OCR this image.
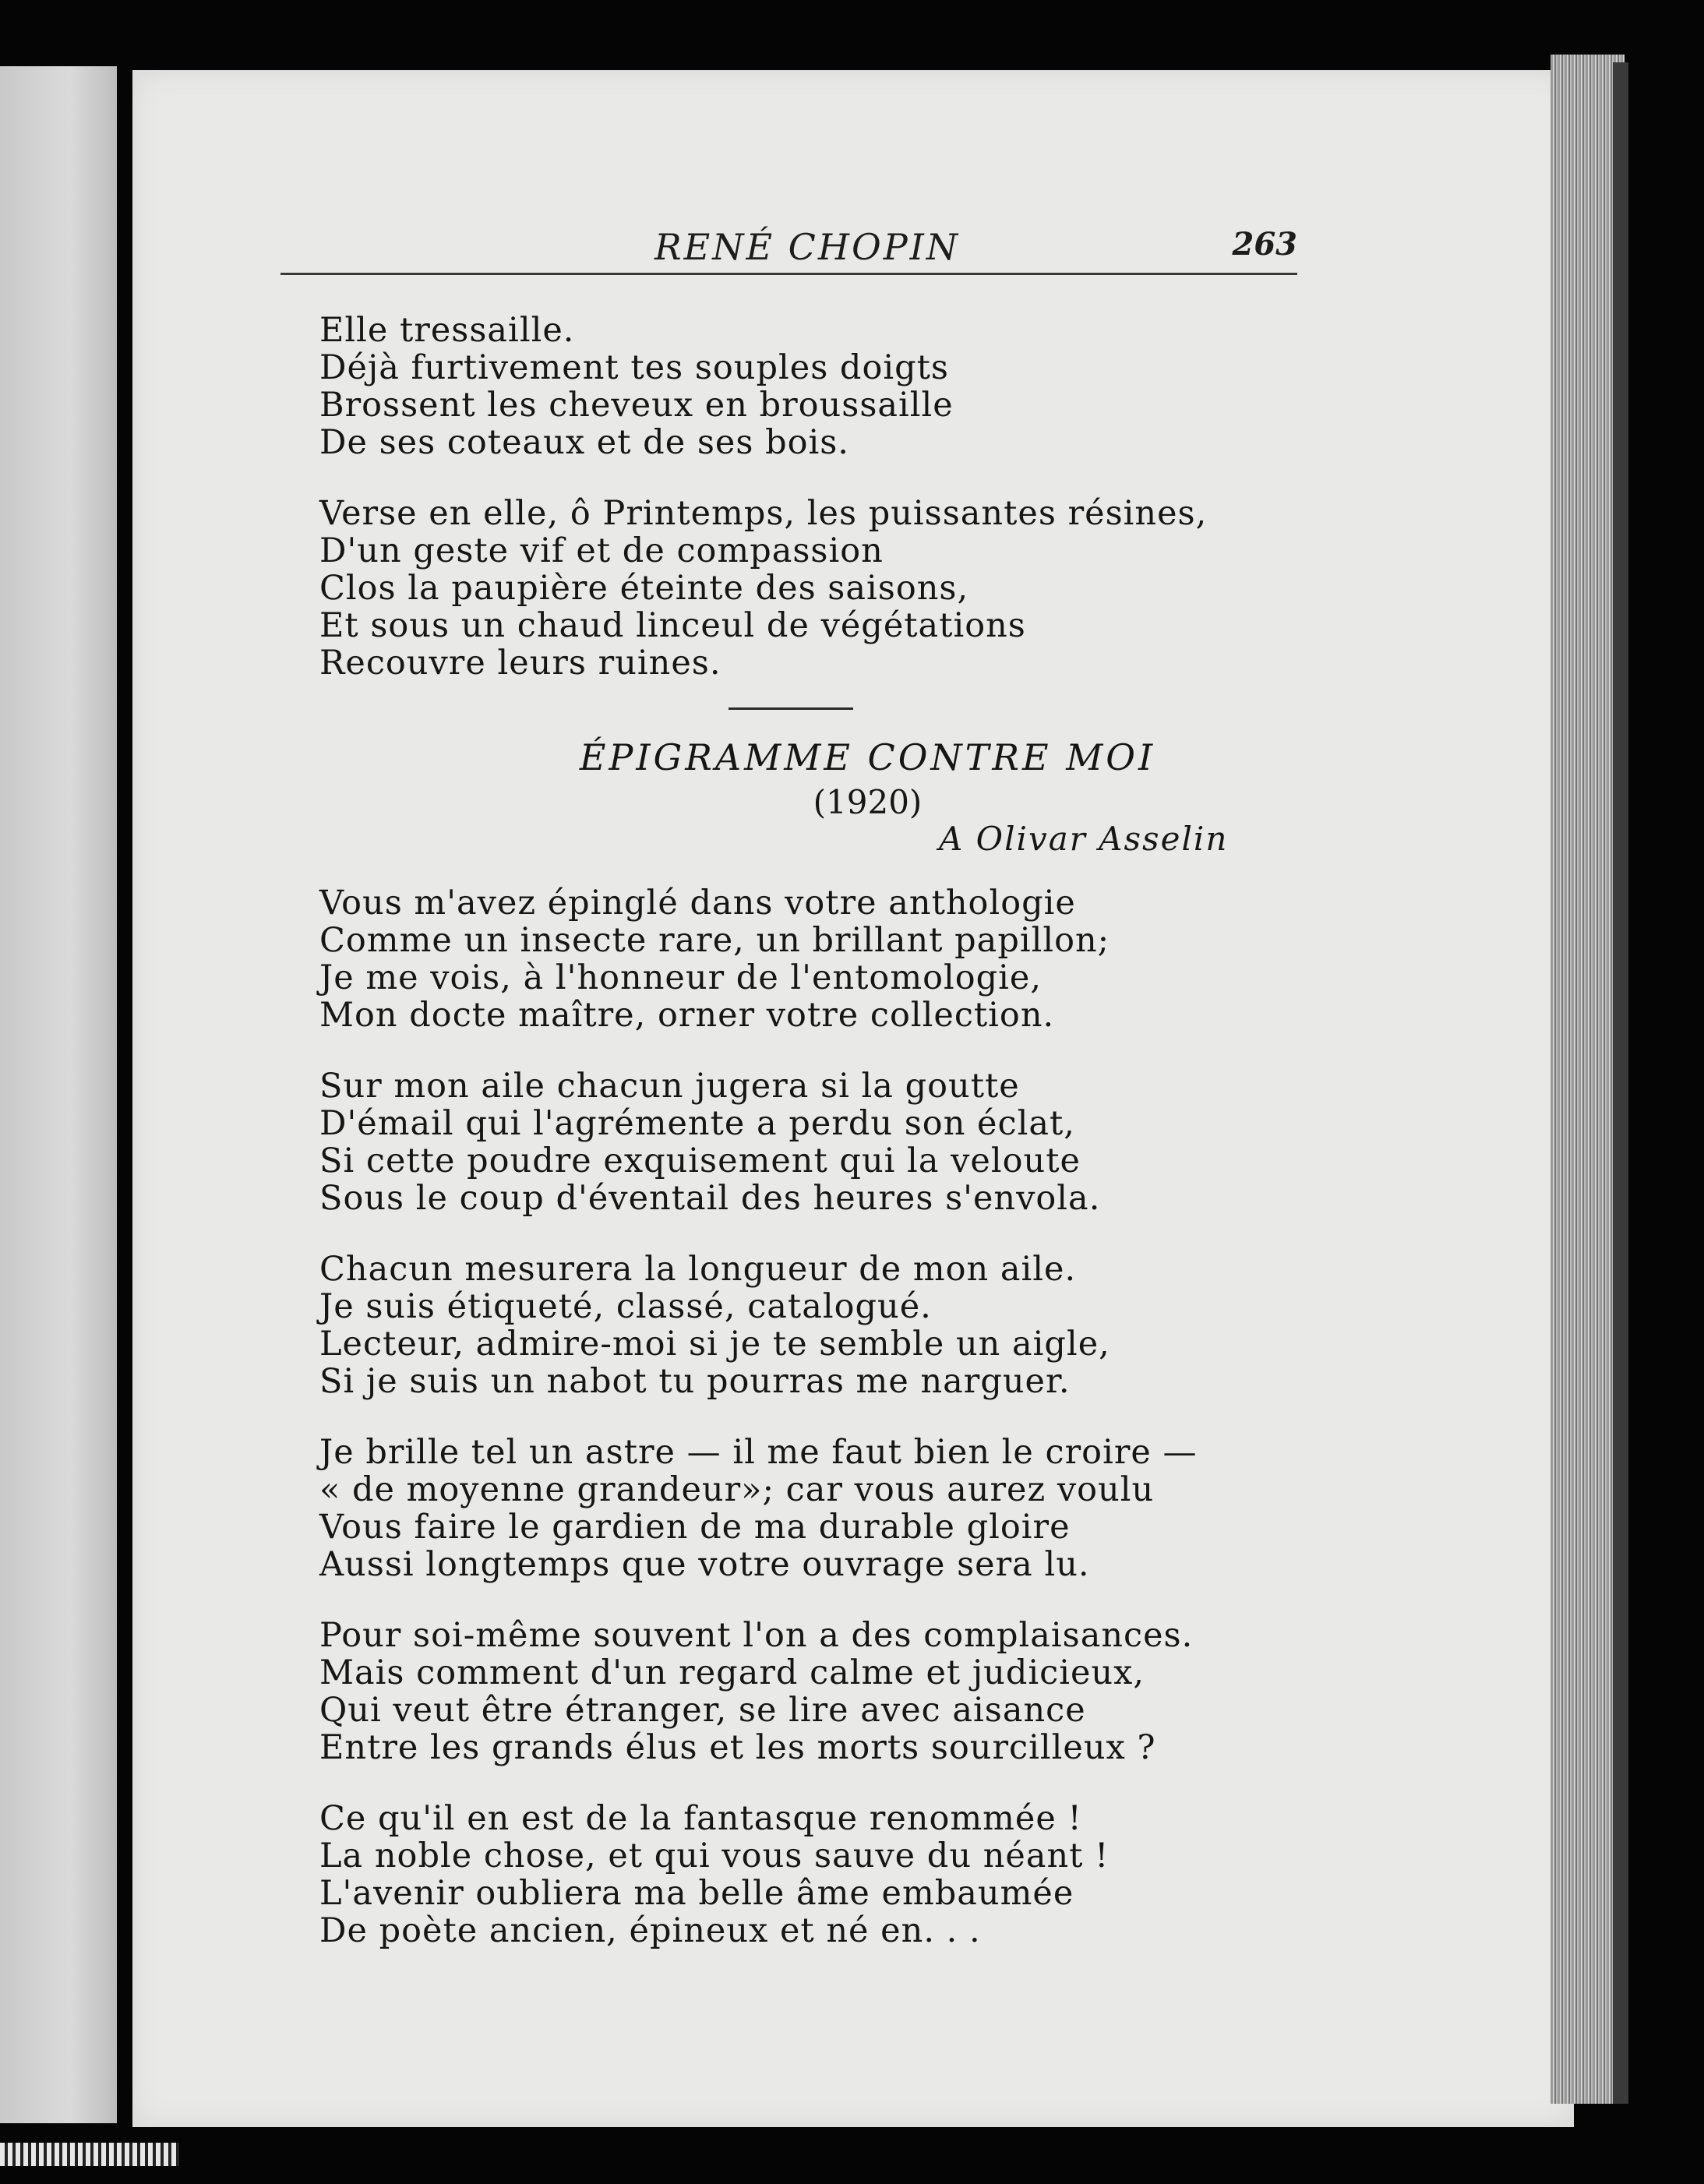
RENÉ CHOPIN	263
Elle tressaille.
Déjà furtivement tes souples doigts
Brossent les cheveux en broussaille
De ses coteaux et de ses bois.
Verse en elle, ô Printemps, les puissantes résines,
D'un geste vif et de compassion
Clos la paupière éteinte des saisons,
Et sous un chaud linceul de végétations
Recouvre leurs ruines.
ÉPIGRAMME CONTRE MOI
(1920)
A Olivar Asselin
Vous m'avez épinglé dans votre anthologie
Comme un insecte rare, un brillant papillon;
Je me vois, à l'honneur de l'entomologie,
Mon docte maître, orner votre collection.
Sur mon aile chacun jugera si la goutte
D'émail qui l'agrémente a perdu son éclat,
Si cette poudre exquisement qui la veloute
Sous le coup d'éventail des heures s'envola.
Chacun mesurera la longueur de mon aile.
Je suis étiqueté, classé, catalogué.
Lecteur, admire-moi si je te semble un aigle,
Si je suis un nabot tu pourras me narguer.
Je brille tel un astre — il me faut bien le croire —
« de moyenne grandeur»; car vous aurez voulu
Vous faire le gardien de ma durable gloire
Aussi longtemps que votre ouvrage sera lu.
Pour soi-même souvent l'on a des complaisances.
Mais comment d'un regard calme et judicieux,
Qui veut être étranger, se lire avec aisance
Entre les grands élus et les morts sourcilleux ?
Ce qu'il en est de la fantasque renommée !
La noble chose, et qui vous sauve du néant !
L'avenir oubliera ma belle âme embaumée
De poète ancien, épineux et né en. . .
